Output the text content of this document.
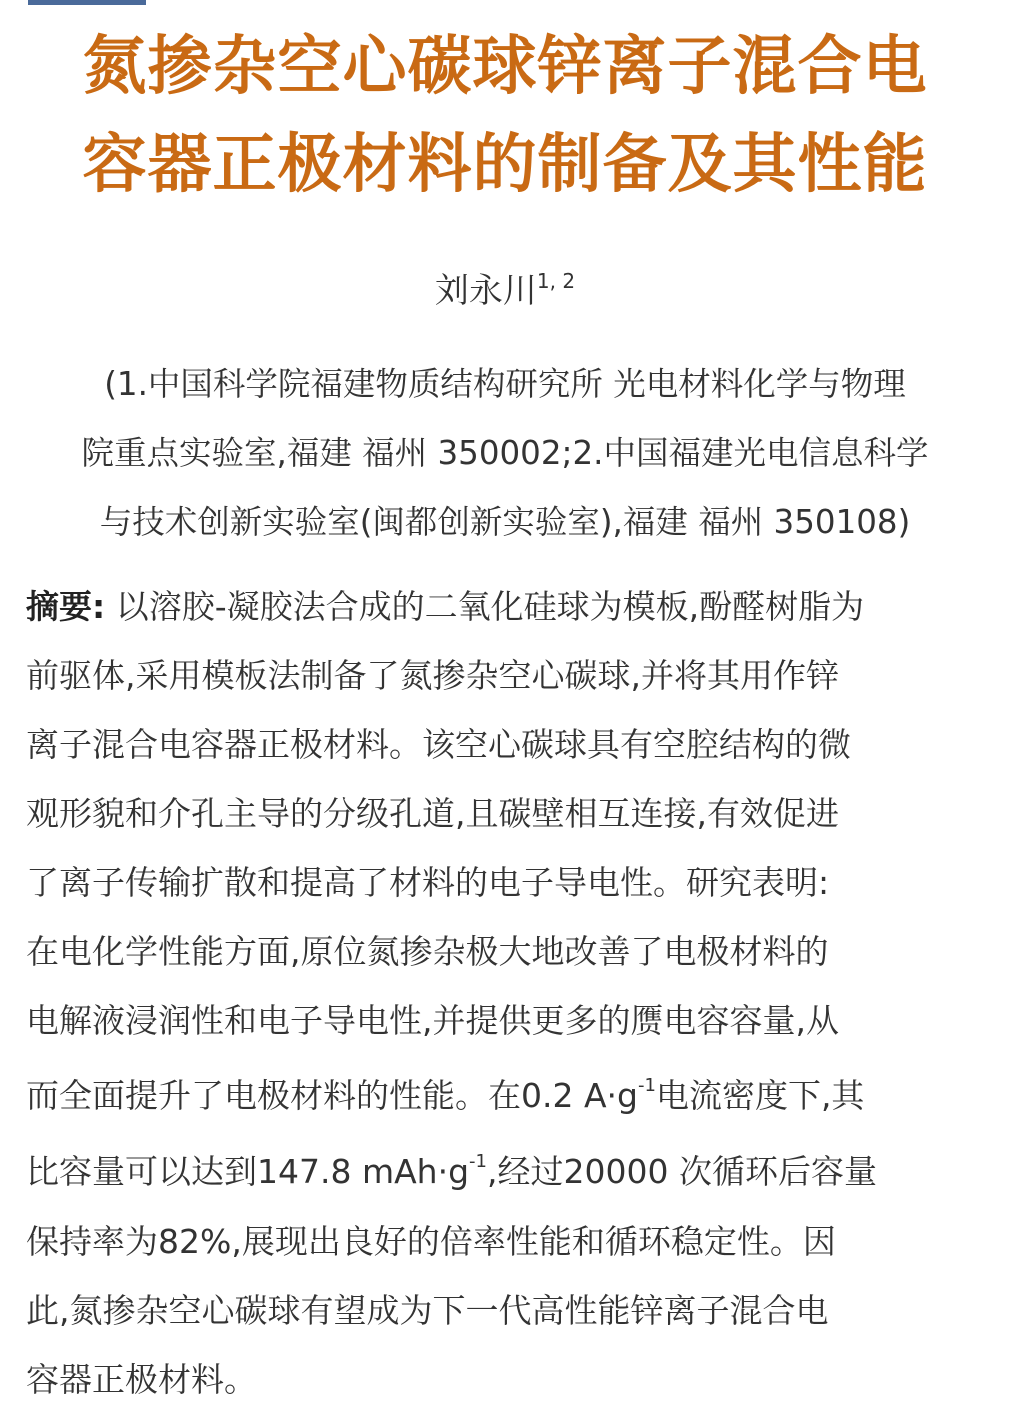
氮掺杂空心碳球锌离子混合电
容器正极材料的制备及其性能
刘永川$^{1, 2}$
(1.中国科学院福建物质结构研究所 光电材料化学与物理
院重点实验室,福建 福州 350002;2.中国福建光电信息科学
与技术创新实验室(闽都创新实验室),福建 福州 350108)
摘要: 以溶胶-凝胶法合成的二氧化硅球为模板,酚醛树脂为
前驱体,采用模板法制备了氮掺杂空心碳球,并将其用作锌
离子混合电容器正极材料。该空心碳球具有空腔结构的微
观形貌和介孔主导的分级孔道,且碳壁相互连接,有效促进
了离子传输扩散和提高了材料的电子导电性。研究表明:
在电化学性能方面,原位氮掺杂极大地改善了电极材料的
电解液浸润性和电子导电性,并提供更多的赝电容容量,从
而全面提升了电极材料的性能。在0.2 $A\cdot g^{-1}$电流密度下,其
比容量可以达到147.8 $mAh\cdot g^{-1}$,经过20000 次循环后容量
保持率为82%,展现出良好的倍率性能和循环稳定性。因
此,氮掺杂空心碳球有望成为下一代高性能锌离子混合电
容器正极材料。
